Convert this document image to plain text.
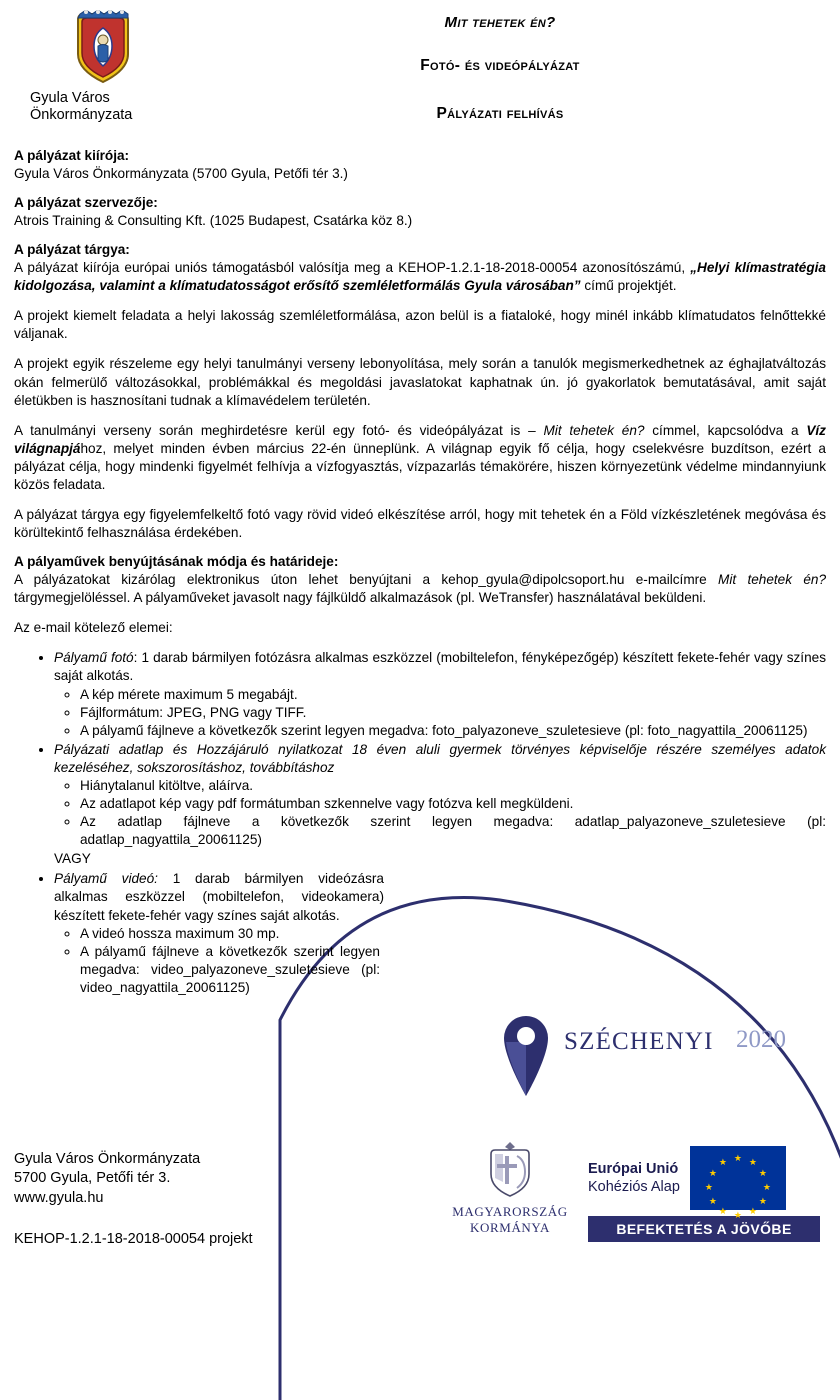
Gyula Város
Önkormányzata
Mit tehetek én?
Fotó- és videópályázat
Pályázati felhívás

A pályázat kiírója:

Gyula Város Önkormányzata (5700 Gyula, Petőfi tér 3.)

A pályázat szervezője:

Atrois Training & Consulting Kft. (1025 Budapest, Csatárka köz 8.)

A pályázat tárgya:

A pályázat kiírója európai uniós támogatásból valósítja meg a KEHOP-1.2.1-18-2018-00054 azonosítószámú, „Helyi klímastratégia kidolgozása, valamint a klímatudatosságot erősítő szemléletformálás Gyula városában” című projektjét.

A projekt kiemelt feladata a helyi lakosság szemléletformálása, azon belül is a fiataloké, hogy minél inkább klímatudatos felnőttekké váljanak.

A projekt egyik részeleme egy helyi tanulmányi verseny lebonyolítása, mely során a tanulók megismerkedhetnek az éghajlatváltozás okán felmerülő változásokkal, problémákkal és megoldási javaslatokat kaphatnak ún. jó gyakorlatok bemutatásával, amit saját életükben is hasznosítani tudnak a klímavédelem területén.

A tanulmányi verseny során meghirdetésre kerül egy fotó- és videópályázat is – Mit tehetek én? címmel, kapcsolódva a Víz világnapjához, melyet minden évben március 22-én ünneplünk. A világnap egyik fő célja, hogy cselekvésre buzdítson, ezért a pályázat célja, hogy mindenki figyelmét felhívja a vízfogyasztás, vízpazarlás témakörére, hiszen környezetünk védelme mindannyiunk közös feladata.

A pályázat tárgya egy figyelemfelkeltő fotó vagy rövid videó elkészítése arról, hogy mit tehetek én a Föld vízkészletének megóvása és körültekintő felhasználása érdekében.

A pályaművek benyújtásának módja és határideje:

A pályázatokat kizárólag elektronikus úton lehet benyújtani a kehop_gyula@dipolcsoport.hu e-mailcímre Mit tehetek én? tárgymegjelöléssel. A pályaműveket javasolt nagy fájlküldő alkalmazások (pl. WeTransfer) használatával beküldeni.

Az e-mail kötelező elemei:

• Pályamű fotó: 1 darab bármilyen fotózásra alkalmas eszközzel (mobiltelefon, fényképezőgép) készített fekete-fehér vagy színes saját alkotás.
◦ A kép mérete maximum 5 megabájt.
◦ Fájlformátum: JPEG, PNG vagy TIFF.
◦ A pályamű fájlneve a következők szerint legyen megadva: foto_palyazoneve_szuletesieve (pl: foto_nagyattila_20061125)
• Pályázati adatlap és Hozzájáruló nyilatkozat 18 éven aluli gyermek törvényes képviselője részére személyes adatok kezeléséhez, sokszorosításhoz, továbbításhoz
◦ Hiánytalanul kitöltve, aláírva.
◦ Az adatlapot kép vagy pdf formátumban szkennelve vagy fotózva kell megküldeni.
◦ Az adatlap fájlneve a következők szerint legyen megadva: adatlap_palyazoneve_szuletesieve (pl: adatlap_nagyattila_20061125)
VAGY
• Pályamű videó: 1 darab bármilyen videózásra alkalmas eszközzel (mobiltelefon, videokamera) készített fekete-fehér vagy színes saját alkotás.
◦ A videó hossza maximum 30 mp.
◦ A pályamű fájlneve a következők szerint legyen megadva: video_palyazoneve_szuletesieve (pl: video_nagyattila_20061125)
SZÉCHENYI 2020
MAGYARORSZÁG
KORMÁNYA
Európai Unió
Kohéziós Alap
★ ★
★
★
★
★
★
★
★
★
★
★
BEFEKTETÉS A JÖVŐBE
Gyula Város Önkormányzata
5700 Gyula, Petőfi tér 3.
www.gyula.hu
KEHOP-1.2.1-18-2018-00054 projekt
